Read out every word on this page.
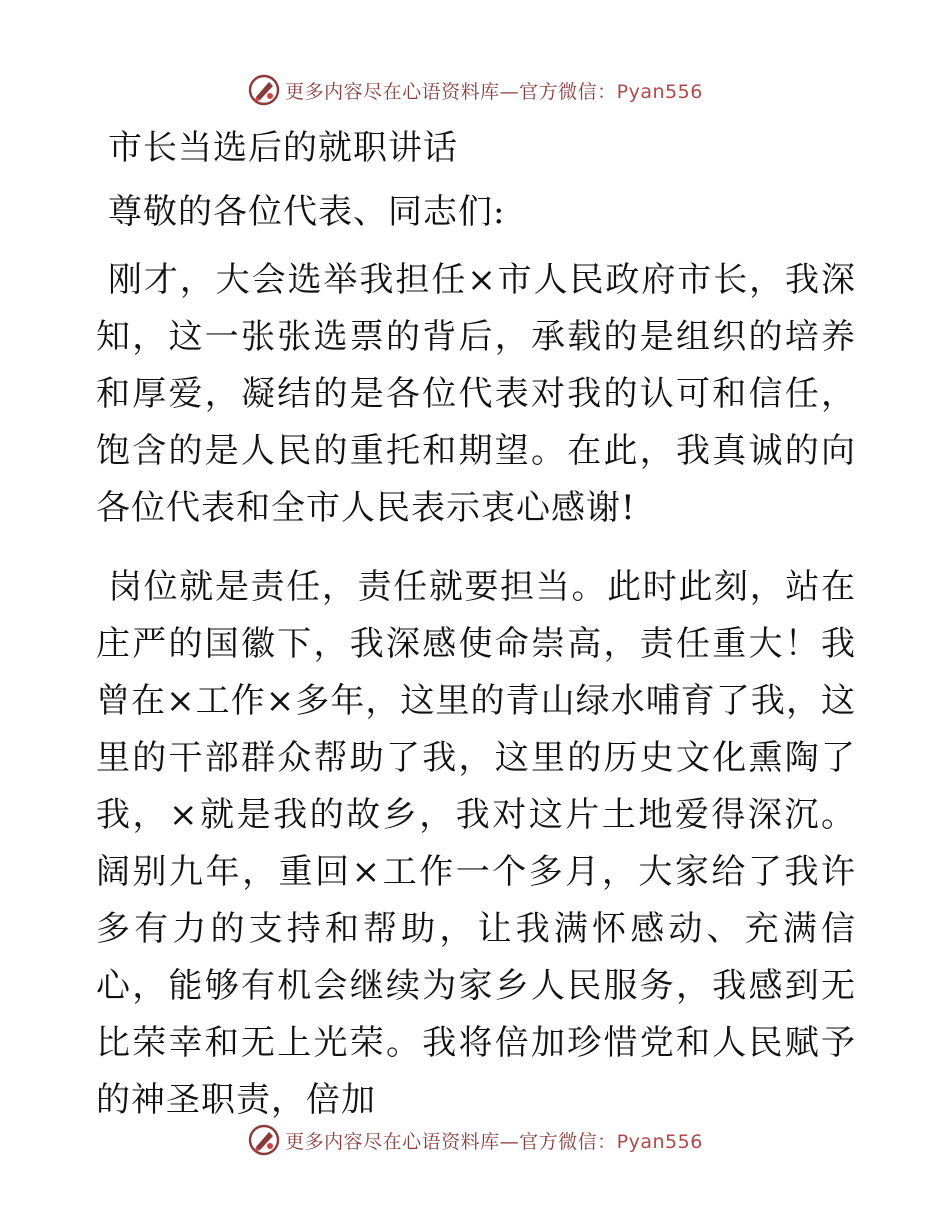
更多内容尽在心语资料库—官方微信：Pyan556
市长当选后的就职讲话

尊敬的各位代表、同志们:

刚才，大会选举我担任×市人民政府市长，我深知，这一张张选票的背后，承载的是组织的培养和厚爱，凝结的是各位代表对我的认可和信任，饱含的是人民的重托和期望。在此，我真诚的向各位代表和全市人民表示衷心感谢!

岗位就是责任，责任就要担当。此时此刻，站在庄严的国徽下，我深感使命崇高，责任重大！我曾在×工作×多年，这里的青山绿水哺育了我，这里的干部群众帮助了我，这里的历史文化熏陶了我，×就是我的故乡，我对这片土地爱得深沉。阔别九年，重回×工作一个多月，大家给了我许多有力的支持和帮助，让我满怀感动、充满信心，能够有机会继续为家乡人民服务，我感到无比荣幸和无上光荣。我将倍加珍惜党和人民赋予的神圣职责，倍加

更多内容尽在心语资料库—官方微信：Pyan556
